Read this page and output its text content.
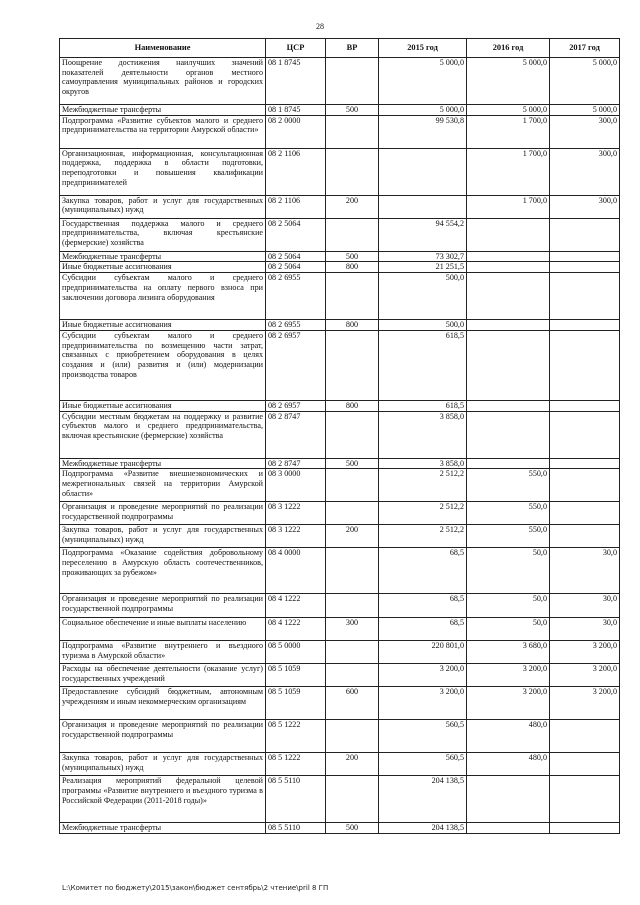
28
Наименование	ЦСР	ВР	2015 год	2016 год	2017 год
Поощрение достижения наилучших значений показателей деятельности органов местного самоуправления муниципальных районов и городских округов	08 1 8745		5 000,0	5 000,0	5 000,0
Межбюджетные трансферты	08 1 8745	500	5 000,0	5 000,0	5 000,0
Подпрограмма «Развитие субъектов малого и среднего предпринимательства на территории Амурской области»	08 2 0000		99 530,8	1 700,0	300,0
Организационная, информационная, консультационная поддержка, поддержка в области подготовки, переподготовки и повышения квалификации предпринимателей	08 2 1106			1 700,0	300,0
Закупка товаров, работ и услуг для государственных (муниципальных) нужд	08 2 1106	200		1 700,0	300,0
Государственная поддержка малого и среднего предпринимательства, включая крестьянские (фермерские) хозяйства	08 2 5064		94 554,2		
Межбюджетные трансферты	08 2 5064	500	73 302,7		
Иные бюджетные ассигнования	08 2 5064	800	21 251,5		
Субсидии субъектам малого и среднего предпринимательства на оплату первого взноса при заключении договора лизинга оборудования	08 2 6955		500,0		
Иные бюджетные ассигнования	08 2 6955	800	500,0		
Субсидии субъектам малого и среднего предпринимательства по возмещению части затрат, связанных с приобретением оборудования в целях создания и (или) развития и (или) модернизации производства товаров	08 2 6957		618,5		
Иные бюджетные ассигнования	08 2 6957	800	618,5		
Субсидии местным бюджетам на поддержку и развитие субъектов малого и среднего предпринимательства, включая крестьянские (фермерские) хозяйства	08 2 8747		3 858,0		
Межбюджетные трансферты	08 2 8747	500	3 858,0		
Подпрограмма «Развитие внешнеэкономических и межрегиональных связей на территории Амурской области»	08 3 0000		2 512,2	550,0	
Организация и проведение мероприятий по реализации государственной подпрограммы	08 3 1222		2 512,2	550,0	
Закупка товаров, работ и услуг для государственных (муниципальных) нужд	08 3 1222	200	2 512,2	550,0	
Подпрограмма «Оказание содействия добровольному переселению в Амурскую область соотечественников, проживающих за рубежом»	08 4 0000		68,5	50,0	30,0
Организация и проведение мероприятий по реализации государственной подпрограммы	08 4 1222		68,5	50,0	30,0
Социальное обеспечение и иные выплаты населению	08 4 1222	300	68,5	50,0	30,0
Подпрограмма «Развитие внутреннего и въездного туризма в Амурской области»	08 5 0000		220 801,0	3 680,0	3 200,0
Расходы на обеспечение деятельности (оказание услуг) государственных учреждений	08 5 1059		3 200,0	3 200,0	3 200,0
Предоставление субсидий бюджетным, автономным учреждениям и иным некоммерческим организациям	08 5 1059	600	3 200,0	3 200,0	3 200,0
Организация и проведение мероприятий по реализации государственной подпрограммы	08 5 1222		560,5	480,0	
Закупка товаров, работ и услуг для государственных (муниципальных) нужд	08 5 1222	200	560,5	480,0	
Реализация мероприятий федеральной целевой программы «Развитие внутреннего и въездного туризма в Российской Федерации (2011-2018 годы)»	08 5 5110		204 138,5		
Межбюджетные трансферты	08 5 5110	500	204 138,5		
L:\Комитет по бюджету\2015\закон\бюджет сентябрь\2 чтение\pril 8 ГП
